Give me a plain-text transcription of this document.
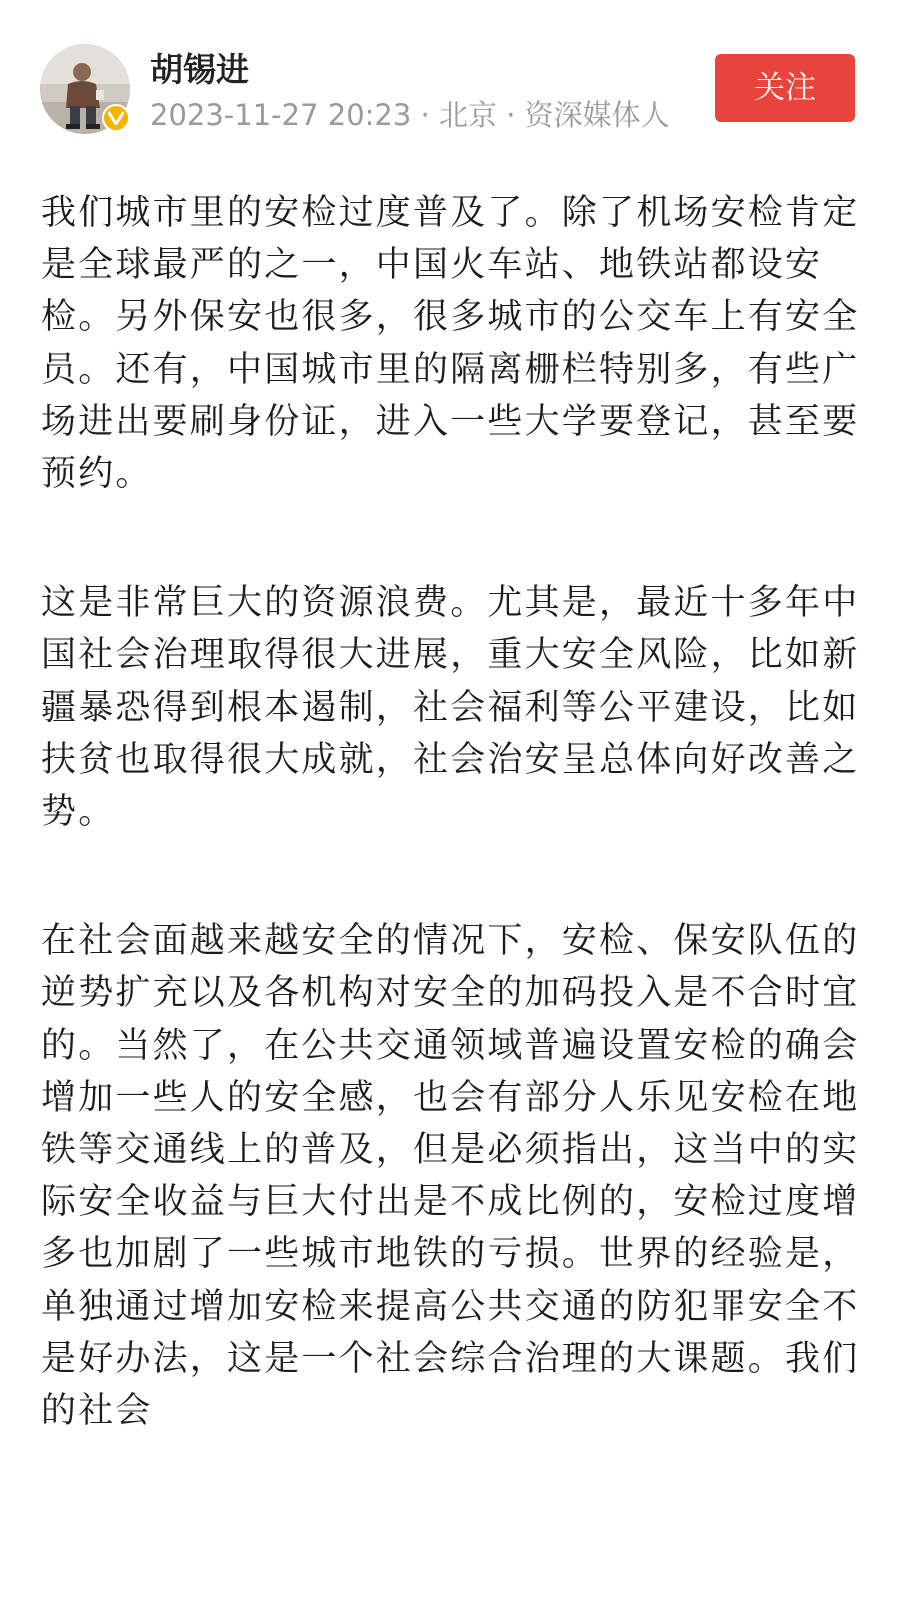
胡锡进
2023-11-27 20:23 · 北京 · 资深媒体人
关注

我们城市里的安检过度普及了。除了机场安检肯定是全球最严的之一，中国火车站、地铁站都设安检。另外保安也很多，很多城市的公交车上有安全员。还有，中国城市里的隔离栅栏特别多，有些广场进出要刷身份证，进入一些大学要登记，甚至要预约。

这是非常巨大的资源浪费。尤其是，最近十多年中国社会治理取得很大进展，重大安全风险，比如新疆暴恐得到根本遏制，社会福利等公平建设，比如扶贫也取得很大成就，社会治安呈总体向好改善之势。

在社会面越来越安全的情况下，安检、保安队伍的逆势扩充以及各机构对安全的加码投入是不合时宜的。当然了，在公共交通领域普遍设置安检的确会增加一些人的安全感，也会有部分人乐见安检在地铁等交通线上的普及，但是必须指出，这当中的实际安全收益与巨大付出是不成比例的，安检过度增多也加剧了一些城市地铁的亏损。世界的经验是，单独通过增加安检来提高公共交通的防犯罪安全不是好办法，这是一个社会综合治理的大课题。我们的社会
